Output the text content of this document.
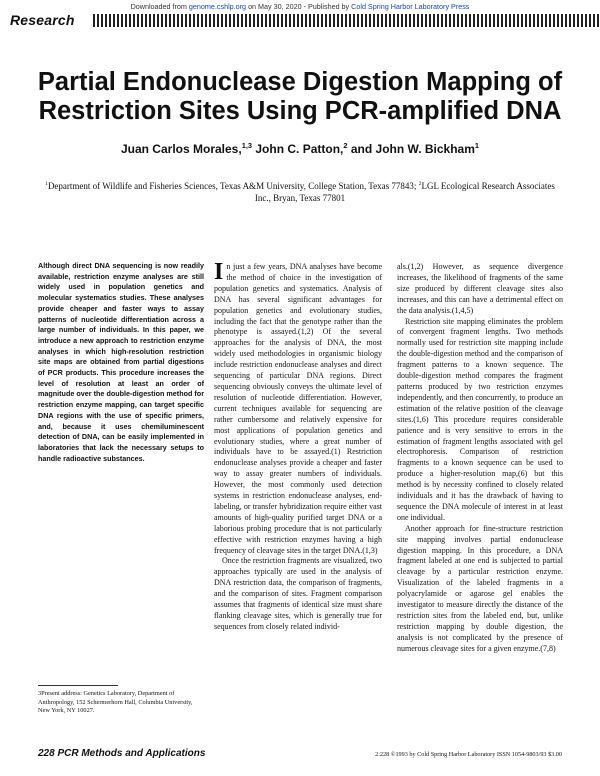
Downloaded from genome.cshlp.org on May 30, 2020 - Published by Cold Spring Harbor Laboratory Press
Research
Partial Endonuclease Digestion Mapping of Restriction Sites Using PCR-amplified DNA
Juan Carlos Morales,$^{1,3}$ John C. Patton,$^2$ and John W. Bickham$^1$
$^1$Department of Wildlife and Fisheries Sciences, Texas A&M University, College Station, Texas 77843; $^2$LGL Ecological Research Associates Inc., Bryan, Texas 77801
Although direct DNA sequencing is now readily available, restriction enzyme analyses are still widely used in population genetics and molecular systematics studies. These analyses provide cheaper and faster ways to assay patterns of nucleotide differentiation across a large number of individuals. In this paper, we introduce a new approach to restriction enzyme analyses in which high-resolution restriction site maps are obtained from partial digestions of PCR products. This procedure increases the level of resolution at least an order of magnitude over the double-digestion method for restriction enzyme mapping, can target specific DNA regions with the use of specific primers, and, because it uses chemiluminescent detection of DNA, can be easily implemented in laboratories that lack the necessary setups to handle radioactive substances.

In just a few years, DNA analyses have become the method of choice in the investigation of population genetics and systematics. Analysis of DNA has several significant advantages for population genetics and evolutionary studies, including the fact that the genotype rather than the phenotype is assayed.(1,2) Of the several approaches for the analysis of DNA, the most widely used methodologies in organismic biology include restriction endonuclease analyses and direct sequencing of particular DNA regions. Direct sequencing obviously conveys the ultimate level of resolution of nucleotide differentiation. However, current techniques available for sequencing are rather cumbersome and relatively expensive for most applications of population genetics and evolutionary studies, where a great number of individuals have to be assayed.(1) Restriction endonuclease analyses provide a cheaper and faster way to assay greater numbers of individuals. However, the most commonly used detection systems in restriction endonuclease analyses, end-labeling, or transfer hybridization require either vast amounts of high-quality purified target DNA or a laborious probing procedure that is not particularly effective with restriction enzymes having a high frequency of cleavage sites in the target DNA.(1,3)

Once the restriction fragments are visualized, two approaches typically are used in the analysis of DNA restriction data, the comparison of fragments, and the comparison of sites. Fragment comparison assumes that fragments of identical size must share flanking cleavage sites, which is generally true for sequences from closely related individ-

als.(1,2) However, as sequence divergence increases, the likelihood of fragments of the same size produced by different cleavage sites also increases, and this can have a detrimental effect on the data analysis.(1,4,5)

Restriction site mapping eliminates the problem of convergent fragment lengths. Two methods normally used for restriction site mapping include the double-digestion method and the comparison of fragment patterns to a known sequence. The double-digestion method compares the fragment patterns produced by two restriction enzymes independently, and then concurrently, to produce an estimation of the relative position of the cleavage sites.(1,6) This procedure requires considerable patience and is very sensitive to errors in the estimation of fragment lengths associated with gel electrophoresis. Comparison of restriction fragments to a known sequence can be used to produce a higher-resolution map,(6) but this method is by necessity confined to closely related individuals and it has the drawback of having to sequence the DNA molecule of interest in at least one individual.

Another approach for fine-structure restriction site mapping involves partial endonuclease digestion mapping. In this procedure, a DNA fragment labeled at one end is subjected to partial cleavage by a particular restriction enzyme. Visualization of the labeled fragments in a polyacrylamide or agarose gel enables the investigator to measure directly the distance of the restriction sites from the labeled end, but, unlike restriction mapping by double digestion, the analysis is not complicated by the presence of numerous cleavage sites for a given enzyme.(7,8)

3Present address: Genetics Laboratory, Department of Anthropology, 152 Schermerhorn Hall, Columbia University, New York, NY 10027.
228 PCR Methods and Applications	2:228 ©1993 by Cold Spring Harbor Laboratory ISSN 1054-9803/93 $3.00
